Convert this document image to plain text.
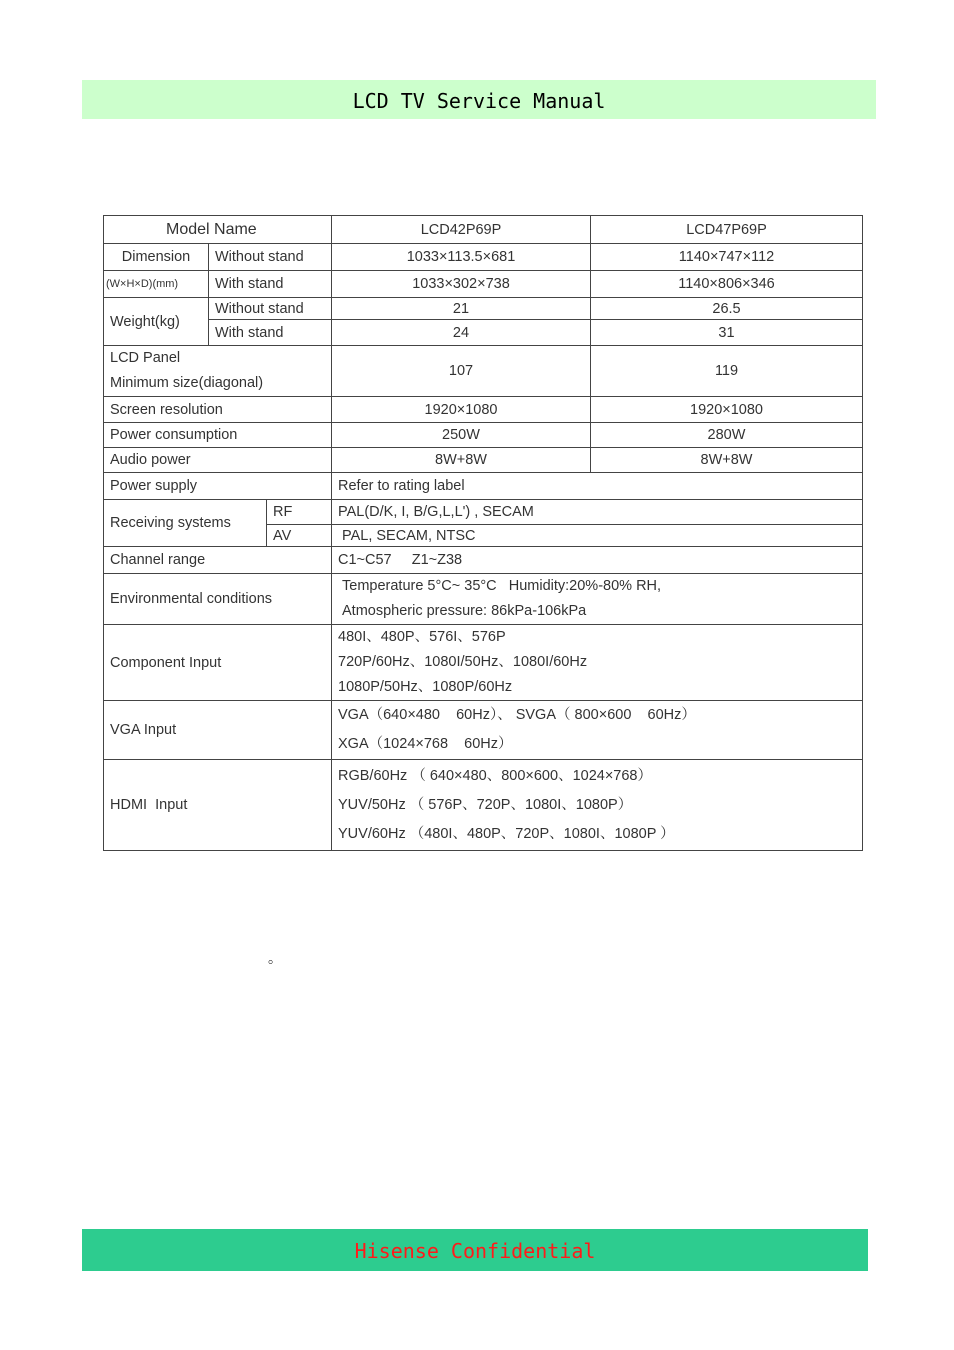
LCD TV Service Manual
Model Name			LCD42P69P	LCD47P69P
Dimension	Without stand		1033×113.5×681	1140×747×112
(W×H×D)(mm)	With stand		1033×302×738	1140×806×346
Weight(kg)	Without stand		21	26.5
	With stand		24	31

LCD Panel
Minimum size(diagonal)			107	119
Screen resolution			1920×1080	1920×1080
Power consumption			250W	280W
Audio power			8W+8W	8W+8W
Power supply			Refer to rating label	
Receiving systems		RF	PAL(D/K, I, B/G,L,L') , SECAM	
		AV	PAL, SECAM, NTSC	
Channel range			C1~C57     Z1~Z38	
Environmental conditions			Temperature 5°C~ 35°C   Humidity:20%-80% RH,
Atmospheric pressure: 86kPa-106kPa	

Component Input			480I、480P、576I、576P
720P/60Hz、1080I/50Hz、1080I/60Hz
1080P/50Hz、1080P/60Hz	

VGA Input			VGA（640×480    60Hz）、 SVGA（ 800×600    60Hz）
XGA（1024×768    60Hz）	

HDMI  Input			RGB/60Hz （ 640×480、800×600、1024×768）
YUV/50Hz （ 576P、720P、1080I、1080P）
YUV/60Hz （480I、480P、720P、1080I、1080P ）	
。
Hisense Confidential
